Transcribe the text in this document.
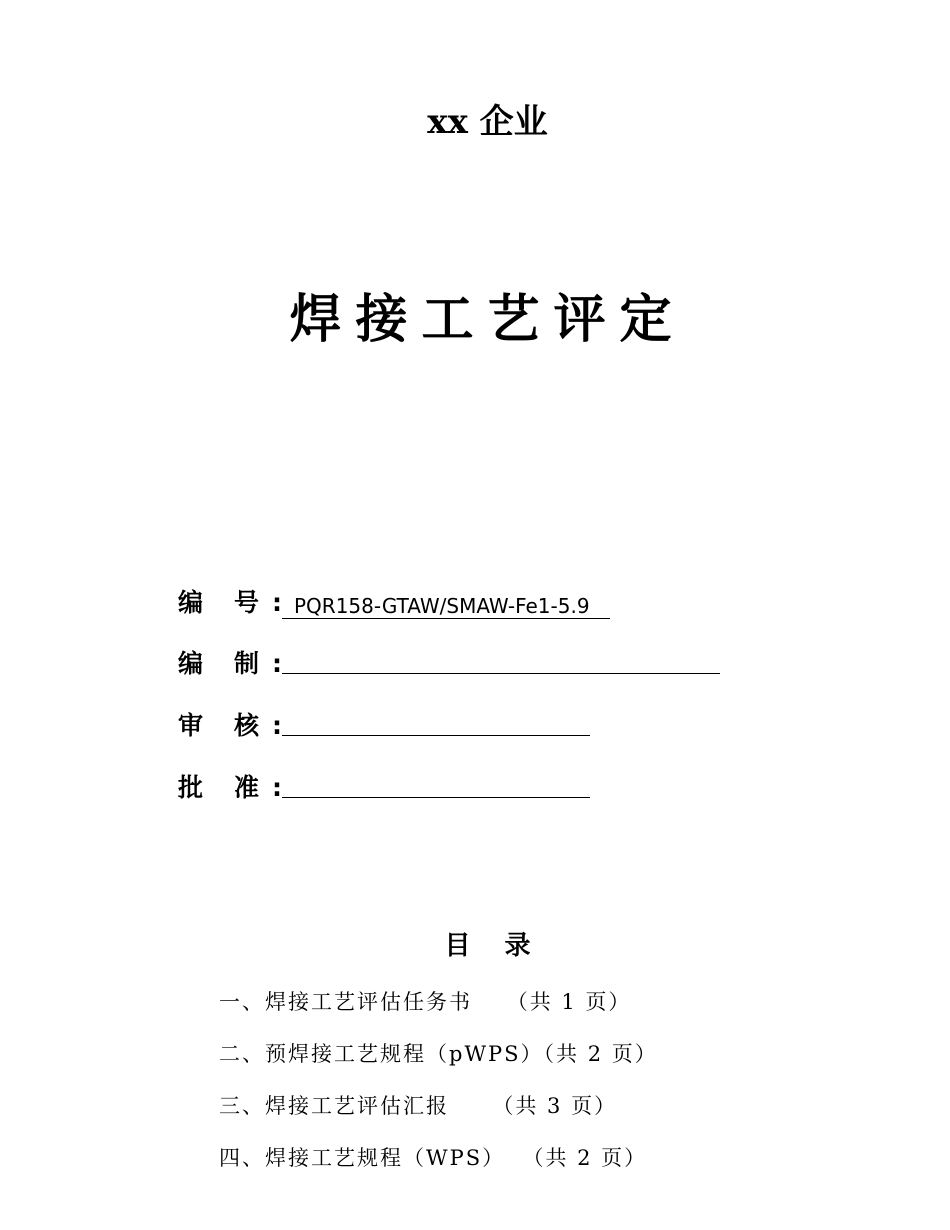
xx 企业
焊接工艺评定
编 号 : PQR158-GTAW/SMAW-Fe1-5.9
编 制 :
审 核 :
批 准 :
目 录
一、焊接工艺评估任务书    （共 1 页）
二、预焊接工艺规程（pWPS）（共 2 页）
三、焊接工艺评估汇报     （共 3 页）
四、焊接工艺规程（WPS）  （共 2 页）
